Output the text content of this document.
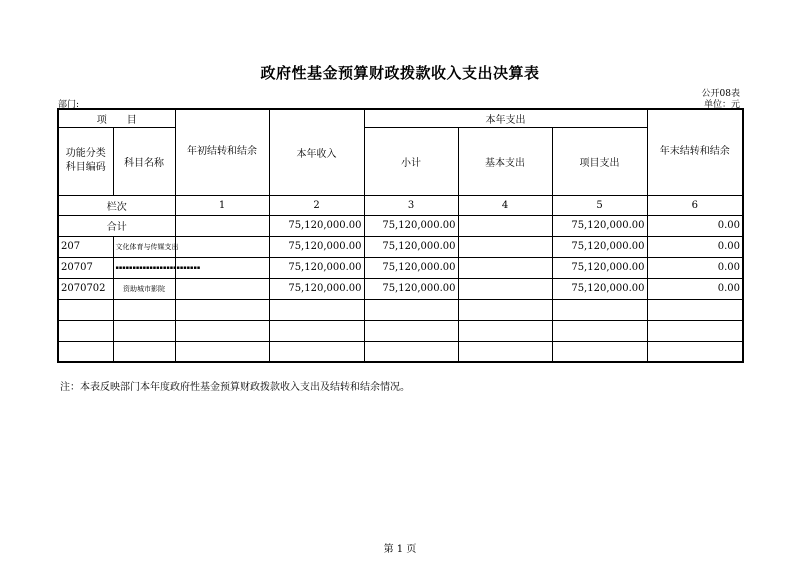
政府性基金预算财政拨款收入支出决算表
公开08表
部门:	单位：元
项　　目		年初结转和结余	本年收入	本年支出			年末结转和结余
功能分类科目编码	科目名称			小计	基本支出	项目支出	
栏次		1	2	3	4	5	6
合计			75,120,000.00	75,120,000.00		75,120,000.00	0.00
207	文化体育与传媒支出		75,120,000.00	75,120,000.00		75,120,000.00	0.00
20707	▪▪▪▪▪▪▪▪▪▪▪▪▪▪▪▪▪▪▪▪▪▪▪▪▪		75,120,000.00	75,120,000.00		75,120,000.00	0.00
2070702	资助城市影院		75,120,000.00	75,120,000.00		75,120,000.00	0.00

注：本表反映部门本年度政府性基金预算财政拨款收入支出及结转和结余情况。
第 1 页
